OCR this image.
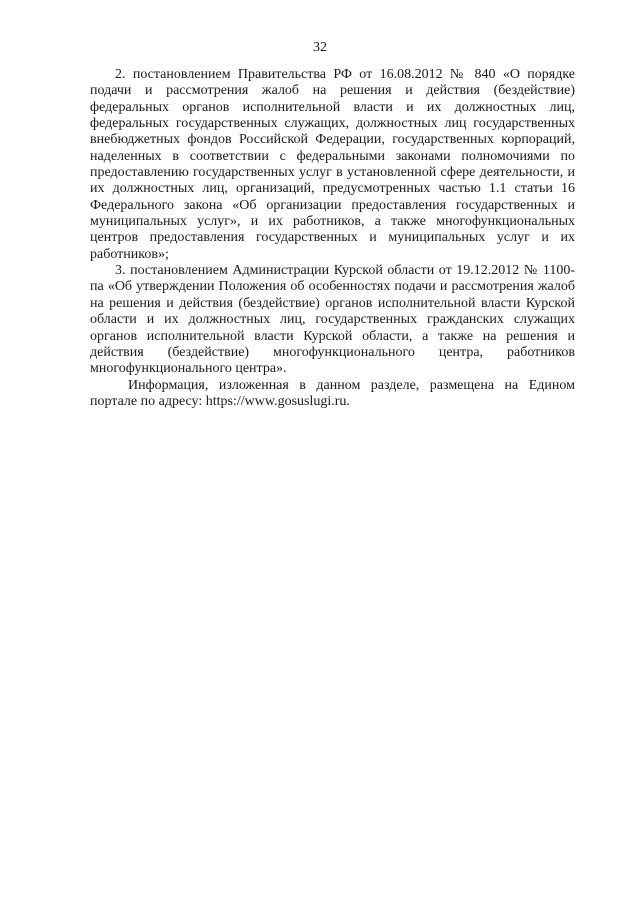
32

2. постановлением Правительства РФ от 16.08.2012 № 840 «О порядке подачи и рассмотрения жалоб на решения и действия (бездействие) федеральных органов исполнительной власти и их должностных лиц, федеральных государственных служащих, должностных лиц государственных внебюджетных фондов Российской Федерации, государственных корпораций, наделенных в соответствии с федеральными законами полномочиями по предоставлению государственных услуг в установленной сфере деятельности, и их должностных лиц, организаций, предусмотренных частью 1.1 статьи 16 Федерального закона «Об организации предоставления государственных и муниципальных услуг», и их работников, а также многофункциональных центров предоставления государственных и муниципальных услуг и их работников»;

3. постановлением Администрации Курской области от 19.12.2012 № 1100-па «Об утверждении Положения об особенностях подачи и рассмотрения жалоб на решения и действия (бездействие) органов исполнительной власти Курской области и их должностных лиц, государственных гражданских служащих органов исполнительной власти Курской области, а также на решения и действия (бездействие) многофункционального центра, работников многофункционального центра».

Информация, изложенная в данном разделе, размещена на Едином портале по адресу: https://www.gosuslugi.ru.
